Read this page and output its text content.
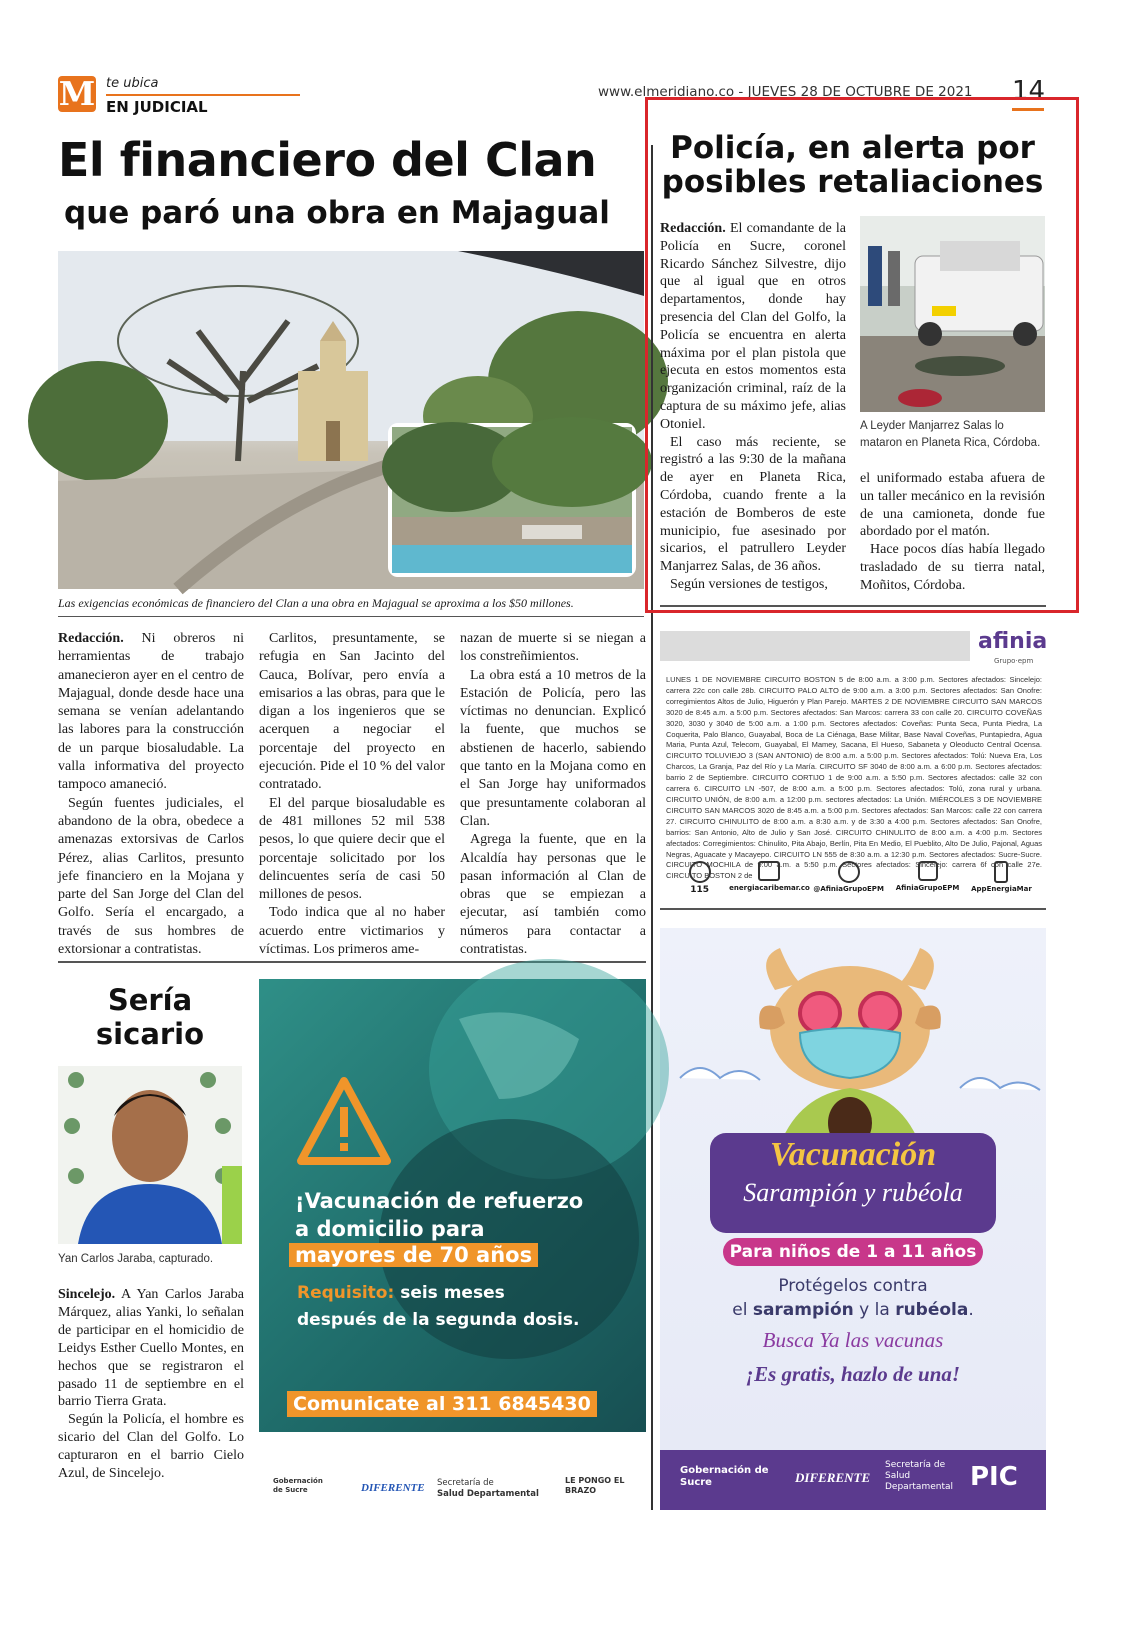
M te ubica
EN JUDICIAL
www.elmeridiano.co - JUEVES 28 DE OCTUBRE DE 2021 14
El financiero del Clan
que paró una obra en Majagual
Las exigencias económicas de financiero del Clan a una obra en Majagual se aproxima a los $50 millones.

Redacción. Ni obreros ni herramientas de trabajo amanecieron ayer en el centro de Majagual, donde desde hace una semana se venían adelantando las labores para la construcción de un parque biosaludable. La valla informativa del proyecto tampoco amaneció.

Según fuentes judiciales, el abandono de la obra, obedece a amenazas extorsivas de Carlos Pérez, alias Carlitos, presunto jefe financiero en la Mojana y parte del San Jorge del Clan del Golfo. Sería el encargado, a través de sus hombres de extorsionar a contratistas.

Carlitos, presuntamente, se refugia en San Jacinto del Cauca, Bolívar, pero envía a emisarios a las obras, para que le digan a los ingenieros que se acerquen a negociar el porcentaje del proyecto en ejecución. Pide el 10 % del valor contratado.

El del parque biosaludable es de 481 millones 52 mil 538 pesos, lo que quiere decir que el porcentaje solicitado por los delincuentes sería de casi 50 millones de pesos.

Todo indica que al no haber acuerdo entre victimarios y víctimas. Los primeros ame-

nazan de muerte si se niegan a los constreñimientos.

La obra está a 10 metros de la Estación de Policía, pero las víctimas no denuncian. Explicó la fuente, que muchos se abstienen de hacerlo, sabiendo que tanto en la Mojana como en el San Jorge hay uniformados que presuntamente colaboran al Clan.

Agrega la fuente, que en la Alcaldía hay personas que le pasan información al Clan de obras que se empiezan a ejecutar, así también como números para contactar a contratistas.

Policía, en alerta por
posibles retaliaciones

Redacción. El comandante de la Policía en Sucre, coronel Ricardo Sánchez Silvestre, dijo que al igual que en otros departamentos, donde hay presencia del Clan del Golfo, la Policía se encuentra en alerta máxima por el plan pistola que ejecuta en estos momentos esta organización criminal, raíz de la captura de su máximo jefe, alias Otoniel.

El caso más reciente, se registró a las 9:30 de la mañana de ayer en Planeta Rica, Córdoba, cuando frente a la estación de Bomberos de este municipio, fue asesinado por sicarios, el patrullero Leyder Manjarrez Salas, de 36 años.

Según versiones de testigos,

A Leyder Manjarrez Salas lo mataron en Planeta Rica, Córdoba.

el uniformado estaba afuera de un taller mecánico en la revisión de una camioneta, donde fue abordado por el matón.

Hace pocos días había llegado trasladado de su tierra natal, Moñitos, Córdoba.

afinia
Grupo·epm
LUNES 1 DE NOVIEMBRE CIRCUITO BOSTON 5 de 8:00 a.m. a 3:00 p.m. Sectores afectados: Sincelejo: carrera 22c con calle 28b. CIRCUITO PALO ALTO de 9:00 a.m. a 3:00 p.m. Sectores afectados: San Onofre: corregimientos Altos de Julio, Higuerón y Plan Parejo. MARTES 2 DE NOVIEMBRE CIRCUITO SAN MARCOS 3020 de 8:45 a.m. a 5:00 p.m. Sectores afectados: San Marcos: carrera 33 con calle 20. CIRCUITO COVEÑAS 3020, 3030 y 3040 de 5:00 a.m. a 1:00 p.m. Sectores afectados: Coveñas: Punta Seca, Punta Piedra, La Coquerita, Palo Blanco, Guayabal, Boca de La Ciénaga, Base Militar, Base Naval Coveñas, Puntapiedra, Agua Maria, Punta Azul, Telecom, Guayabal, El Mamey, Sacana, El Hueso, Sabaneta y Oleoducto Central Ocensa. CIRCUITO TOLUVIEJO 3 (SAN ANTONIO) de 8:00 a.m. a 5:00 p.m. Sectores afectados: Tolú: Nueva Era, Los Charcos, La Granja, Paz del Río y La María. CIRCUITO SF 3040 de 8:00 a.m. a 6:00 p.m. Sectores afectados: barrio 2 de Septiembre. CIRCUITO CORTIJO 1 de 9:00 a.m. a 5:50 p.m. Sectores afectados: calle 32 con carrera 6. CIRCUITO LN -507, de 8:00 a.m. a 5:00 p.m. Sectores afectados: Tolú, zona rural y urbana. CIRCUITO UNIÓN, de 8:00 a.m. a 12:00 p.m. sectores afectados: La Unión. MIÉRCOLES 3 DE NOVIEMBRE CIRCUITO SAN MARCOS 3020 de 8:45 a.m. a 5:00 p.m. Sectores afectados: San Marcos: calle 22 con carrera 27. CIRCUITO CHINULITO de 8:00 a.m. a 8:30 a.m. y de 3:30 a 4:00 p.m. Sectores afectados: San Onofre, barrios: San Antonio, Alto de Julio y San José. CIRCUITO CHINULITO de 8:00 a.m. a 4:00 p.m. Sectores afectados: Corregimientos: Chinulito, Pita Abajo, Berlín, Pita En Medio, El Pueblito, Alto De Julio, Pajonal, Aguas Negras, Aguacate y Macayepo. CIRCUITO LN 555 de 8:30 a.m. a 12:30 p.m. Sectores afectados: Sucre-Sucre. CIRCUITO MOCHILA de 9:00 a.m. a 5:50 p.m. Sectores afectados: Sincelejo: carrera 6f con calle 27e. CIRCUITO BOSTON 2 de
115	energiacaribemar.co @AfiniaGrupoEPM	AfiniaGrupoEPM	AppEnergiaMar
Vacunación
Sarampión y rubéola
Para niños de 1 a 11 años
Protégelos contra
el sarampión y la rubéola.
Busca Ya las vacunas
¡Es gratis, hazlo de una!
Gobernación de Sucre	DIFERENTE
Secretaría de Salud Departamental PIC
Sería
sicario
Yan Carlos Jaraba, capturado.

Sincelejo. A Yan Carlos Jaraba Márquez, alias Yanki, lo señalan de participar en el homicidio de Leidys Esther Cuello Montes, en hechos que se registraron el pasado 11 de septiembre en el barrio Tierra Grata.

Según la Policía, el hombre es sicario del Clan del Golfo. Lo capturaron en el barrio Cielo Azul, de Sincelejo.

¡Vacunación de refuerzo
a domicilio para
mayores de 70 años
Requisito: seis meses
después de la segunda dosis.
Comunicate al 311 6845430
Gobernación de Sucre	DIFERENTE Secretaría de
Salud Departamental
LE PONGO EL BRAZO
